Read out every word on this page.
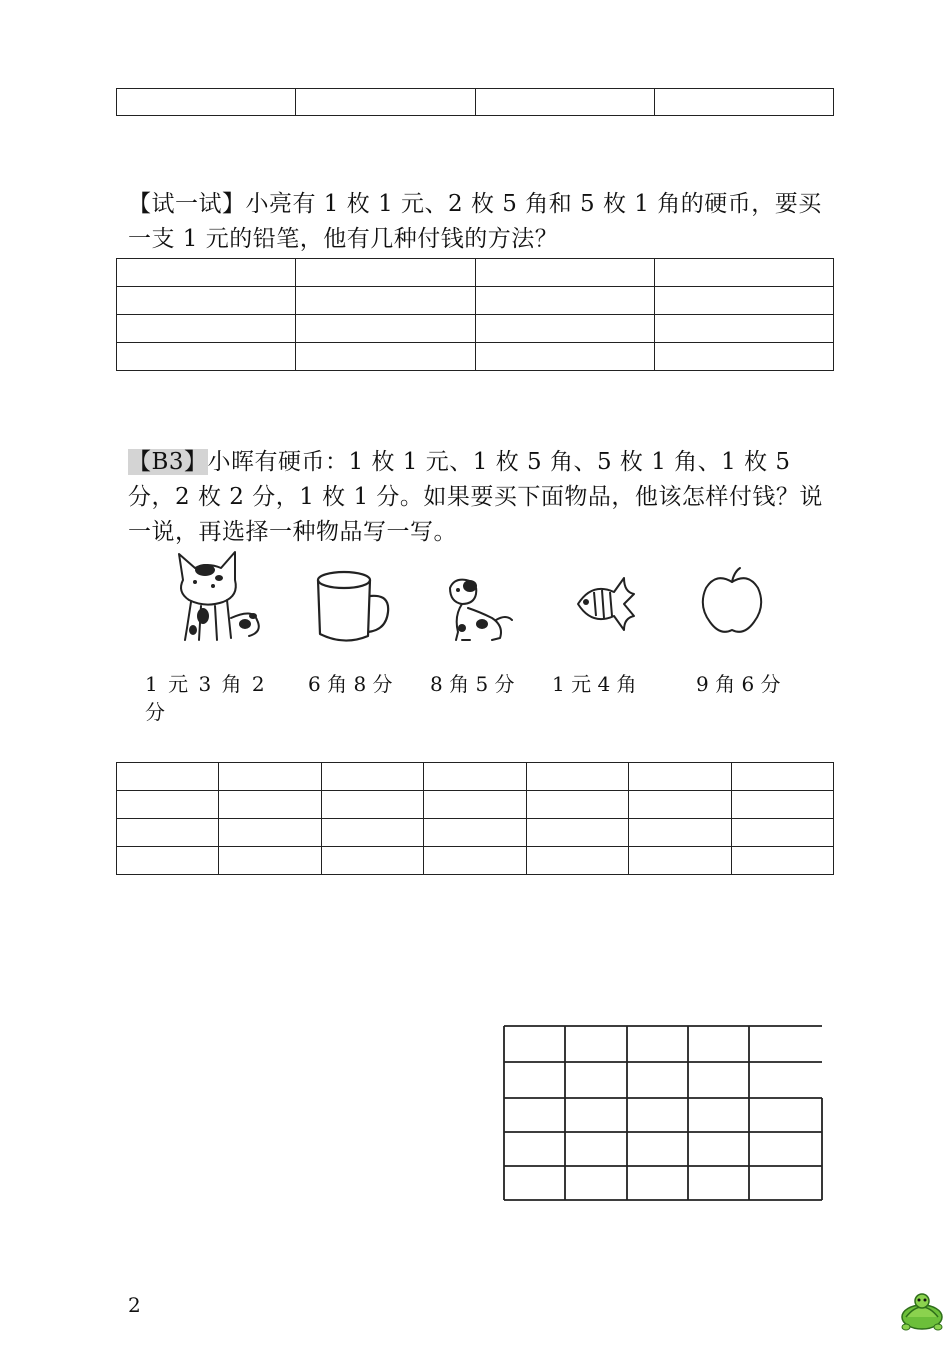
【试一试】小亮有 1 枚 1 元、2 枚 5 角和 5 枚 1 角的硬币，要买一支 1 元的铅笔，他有几种付钱的方法？

【B3】小晖有硬币：1 枚 1 元、1 枚 5 角、5 枚 1 角、1 枚 5 分，2 枚 2 分，1 枚 1 分。如果要买下面物品，他该怎样付钱？说一说，再选择一种物品写一写。
1 元 3 角 2 分
6 角 8 分 8 角 5 分 1 元 4 角	9 角 6 分

2
